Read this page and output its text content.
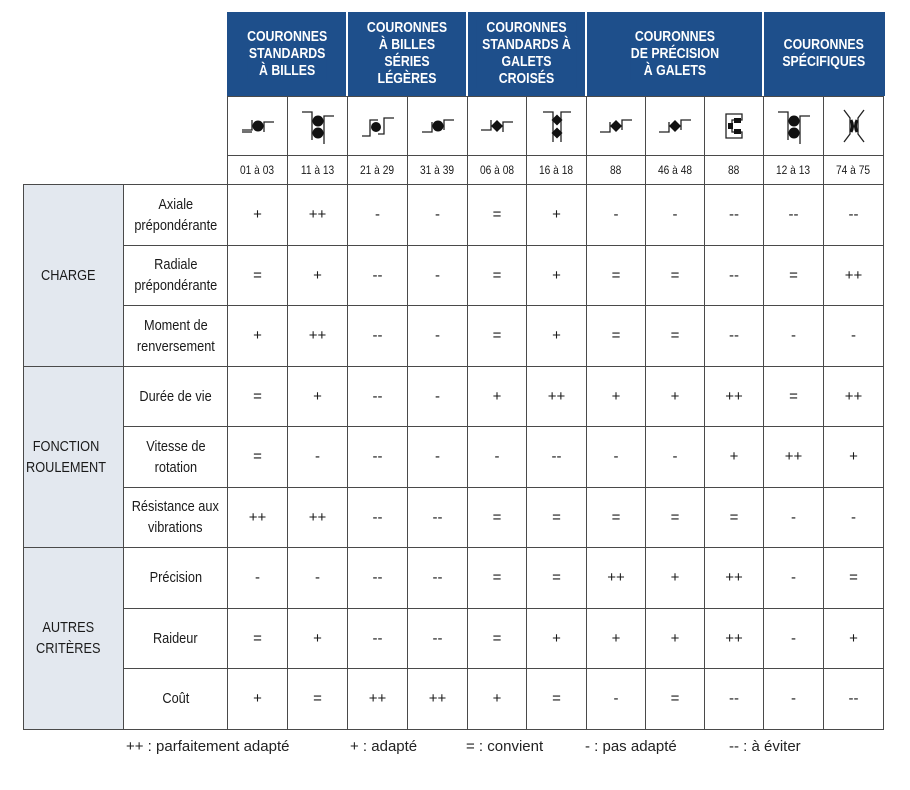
COURONNES
STANDARDS
À BILLES
COURONNES
À BILLES
SÉRIES LÉGÈRES
COURONNES
STANDARDS À
GALETS CROISÉS
COURONNES
DE PRÉCISION
À GALETS
COURONNES
SPÉCIFIQUES

		01 à 03	11 à 13	21 à 29	31 à 39	06 à 08	16 à 18	88	46 à 48	88	12 à 13	74 à 75
CHARGE	Axiale
prépondérante	+	++	-	-	=	+	-	-	--	--	--
	Radiale
prépondérante	=	+	--	-	=	+	=	=	--	=	++
	Moment de
renversement	+	++	--	-	=	+	=	=	--	-	-
FONCTION
ROULEMENT	Durée de vie	=	+	--	-	+	++	+	+	++	=	++
	Vitesse de
rotation	=	-	--	-	-	--	-	-	+	++	+
	Résistance aux
vibrations	++	++	--	--	=	=	=	=	=	-	-
AUTRES
CRITÈRES	Précision	-	-	--	--	=	=	++	+	++	-	=
	Raideur	=	+	--	--	=	+	+	+	++	-	+
	Coût	+	=	++	++	+	=	-	=	--	-	--
++ : parfaitement adapté	+ : adapté	= : convient	- : pas adapté	-- : à éviter
